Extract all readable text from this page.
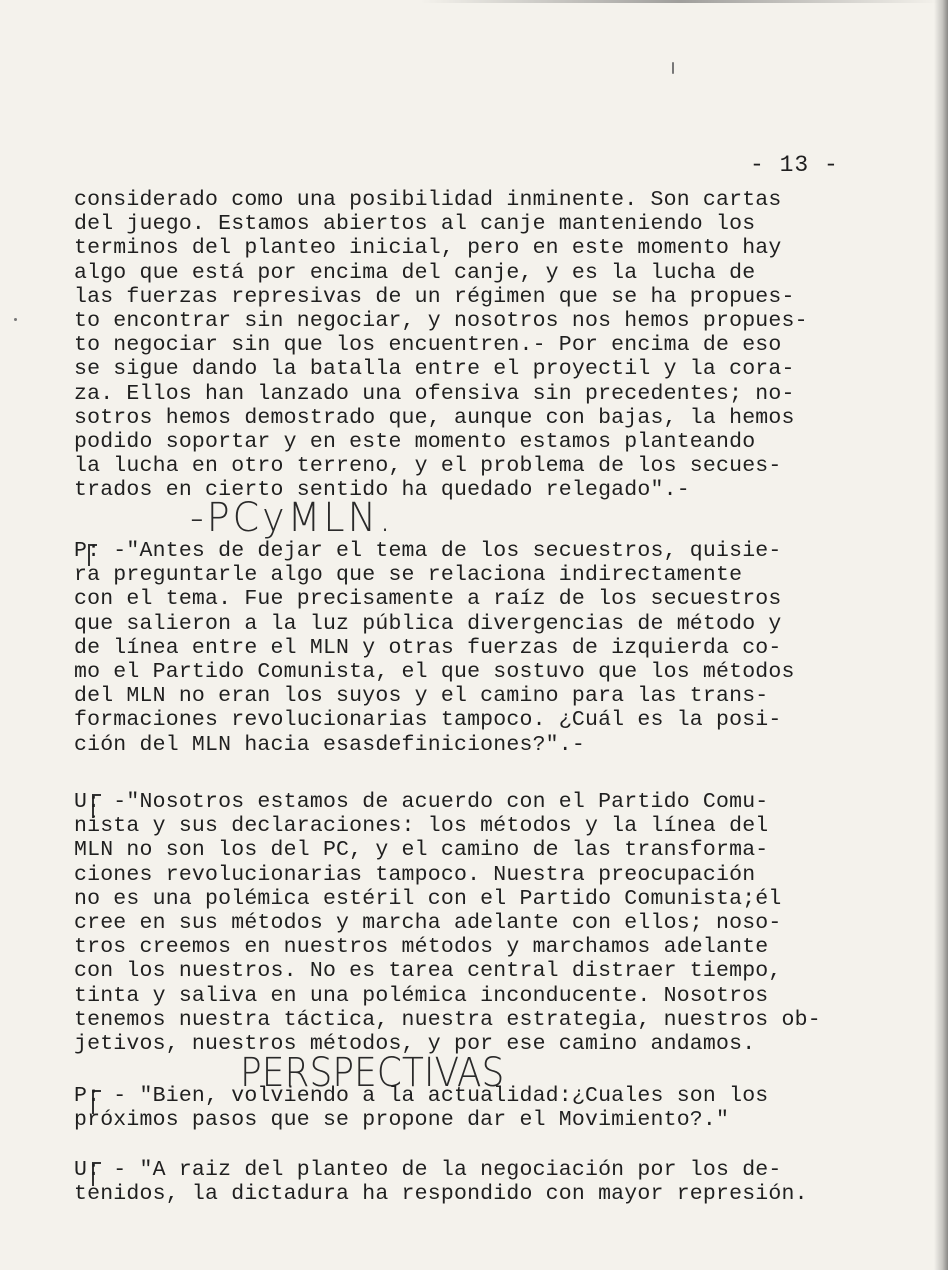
- 13 -
considerado como una posibilidad inminente. Son cartas
del juego. Estamos abiertos al canje manteniendo los
terminos del planteo inicial, pero en este momento hay
algo que está por encima del canje, y es la lucha de
las fuerzas represivas de un régimen que se ha propues-
to encontrar sin negociar, y nosotros nos hemos propues-
to negociar sin que los encuentren.- Por encima de eso
se sigue dando la batalla entre el proyectil y la cora-
za. Ellos han lanzado una ofensiva sin precedentes; no-
sotros hemos demostrado que, aunque con bajas, la hemos
podido soportar y en este momento estamos planteando
la lucha en otro terreno, y el problema de los secues-
trados en cierto sentido ha quedado relegado".-
-PCyMLN.
P: -"Antes de dejar el tema de los secuestros, quisie-
ra preguntarle algo que se relaciona indirectamente
con el tema. Fue precisamente a raíz de los secuestros
que salieron a la luz pública divergencias de método y
de línea entre el MLN y otras fuerzas de izquierda co-
mo el Partido Comunista, el que sostuvo que los métodos
del MLN no eran los suyos y el camino para las trans-
formaciones revolucionarias tampoco. ¿Cuál es la posi-
ción del MLN hacia esasdefiniciones?".-
U: -"Nosotros estamos de acuerdo con el Partido Comu-
nista y sus declaraciones: los métodos y la línea del
MLN no son los del PC, y el camino de las transforma-
ciones revolucionarias tampoco. Nuestra preocupación
no es una polémica estéril con el Partido Comunista;él
cree en sus métodos y marcha adelante con ellos; noso-
tros creemos en nuestros métodos y marchamos adelante
con los nuestros. No es tarea central distraer tiempo,
tinta y saliva en una polémica inconducente. Nosotros
tenemos nuestra táctica, nuestra estrategia, nuestros ob-
jetivos, nuestros métodos, y por ese camino andamos.
PERSPECTIVAS
P: - "Bien, volviendo a la actualidad:¿Cuales son los
próximos pasos que se propone dar el Movimiento?."
U: - "A raiz del planteo de la negociación por los de-
tenidos, la dictadura ha respondido con mayor represión.
